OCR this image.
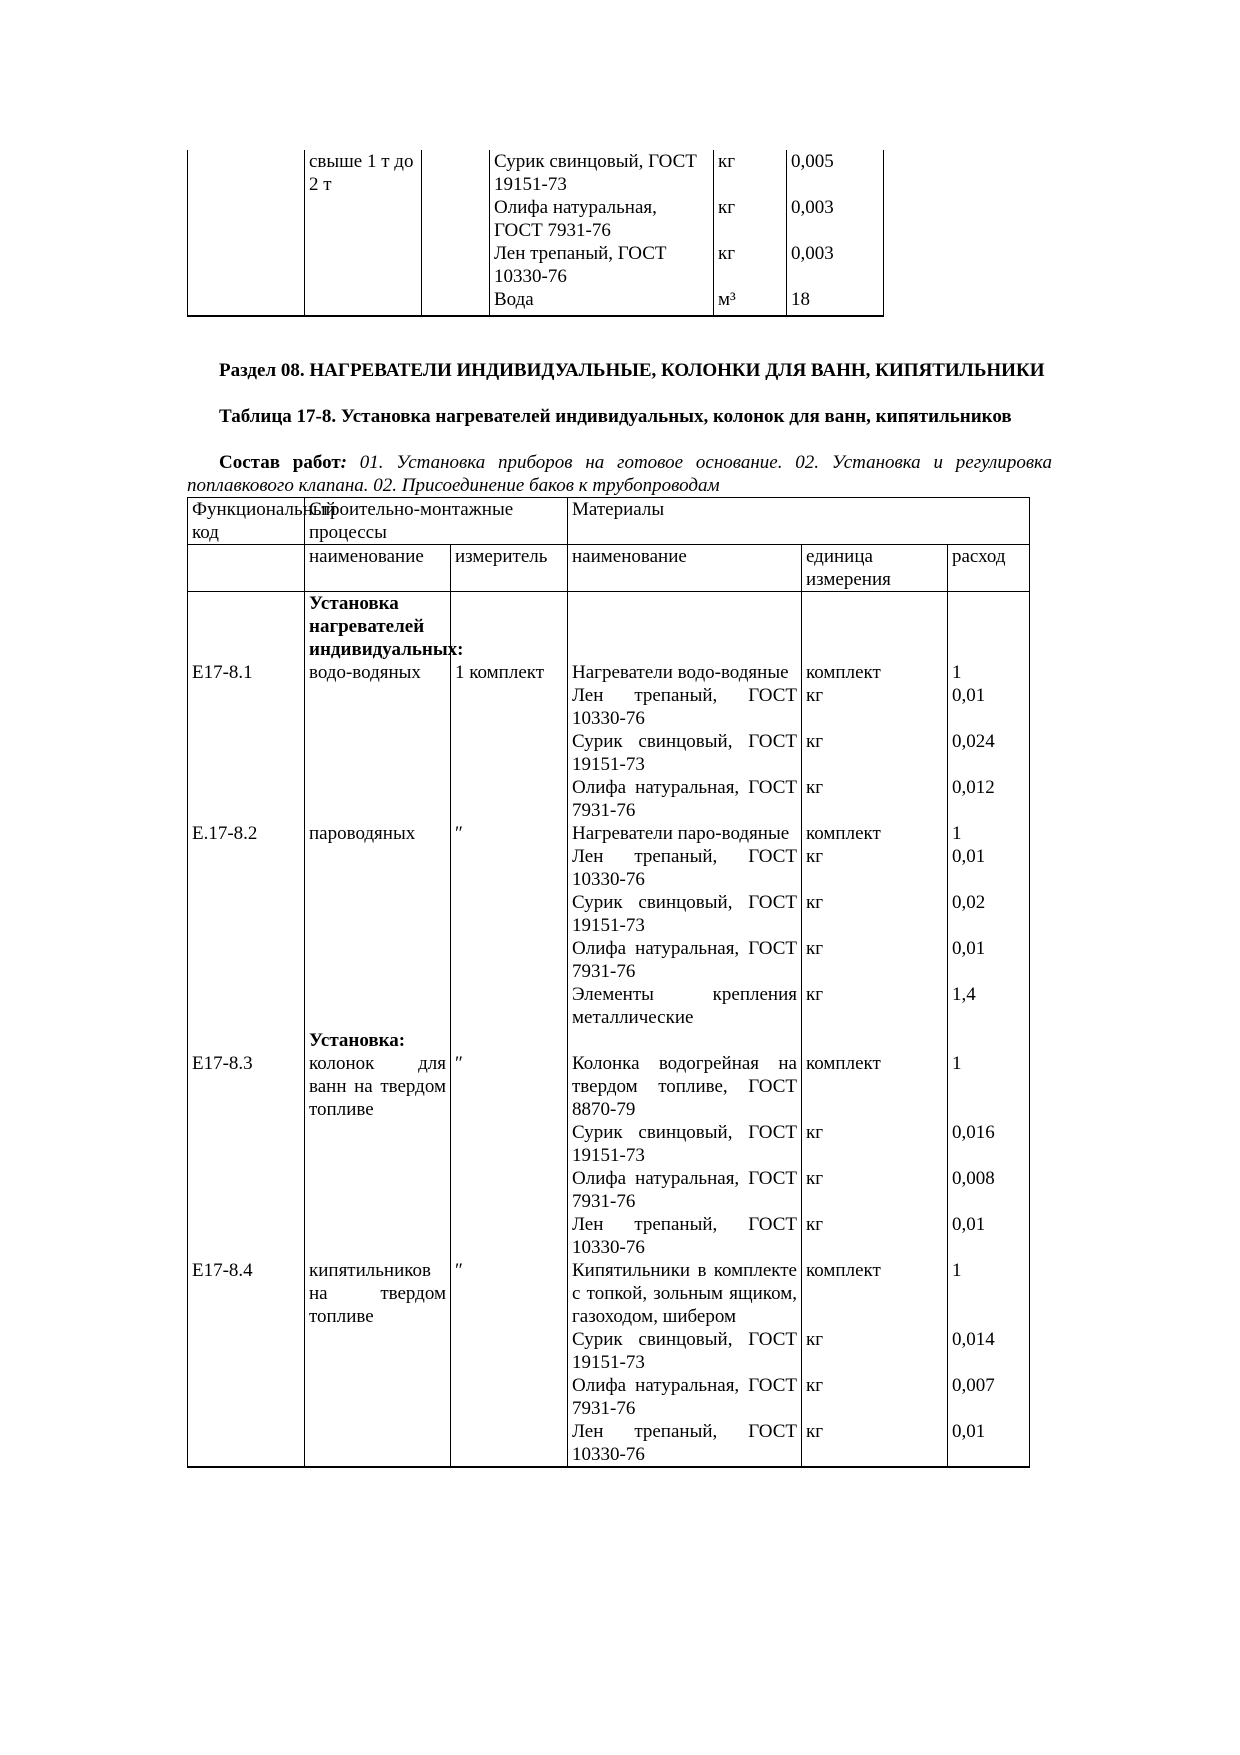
	свыше 1 т до 2 т		Сурик свинцовый, ГОСТ 19151-73	кг	0,005
			Олифа натуральная, ГОСТ 7931-76	кг	0,003
			Лен трепаный, ГОСТ 10330-76	кг	0,003
			Вода	м³	18

Раздел 08. НАГРЕВАТЕЛИ ИНДИВИДУАЛЬНЫЕ, КОЛОНКИ ДЛЯ ВАНН, КИПЯТИЛЬНИКИ

Таблица 17-8. Установка нагревателей индивидуальных, колонок для ванн, кипятильников

Состав работ: 01. Установка приборов на готовое основание. 02. Установка и регулировка поплавкового клапана. 02. Присоединение баков к трубопроводам

Функциональный код	Строительно-монтажные процессы		Материалы		
	наименование	измеритель	наименование	единица измерения	расход
	Установка нагревателей индивидуальных:				
Е17-8.1	водо-водяных	1 комплект	Нагреватели водо-водяные	комплект	1
			Лен трепаный, ГОСТ 10330-76	кг	0,01
			Сурик свинцовый, ГОСТ 19151-73	кг	0,024
			Олифа натуральная, ГОСТ 7931-76	кг	0,012
Е.17-8.2	пароводяных	″	Нагреватели паро-водяные	комплект	1
			Лен трепаный, ГОСТ 10330-76	кг	0,01
			Сурик свинцовый, ГОСТ 19151-73	кг	0,02
			Олифа натуральная, ГОСТ 7931-76	кг	0,01
			Элементы крепления металлические	кг	1,4
	Установка:				
Е17-8.3	колонок для ванн на твердом топливе	″	Колонка водогрейная на твердом топливе, ГОСТ 8870-79	комплект	1
			Сурик свинцовый, ГОСТ 19151-73	кг	0,016
			Олифа натуральная, ГОСТ 7931-76	кг	0,008
			Лен трепаный, ГОСТ 10330-76	кг	0,01
Е17-8.4	кипятильников на твердом топливе	″	Кипятильники в комплекте с топкой, зольным ящиком, газоходом, шибером	комплект	1
			Сурик свинцовый, ГОСТ 19151-73	кг	0,014
			Олифа натуральная, ГОСТ 7931-76	кг	0,007
			Лен трепаный, ГОСТ 10330-76	кг	0,01
